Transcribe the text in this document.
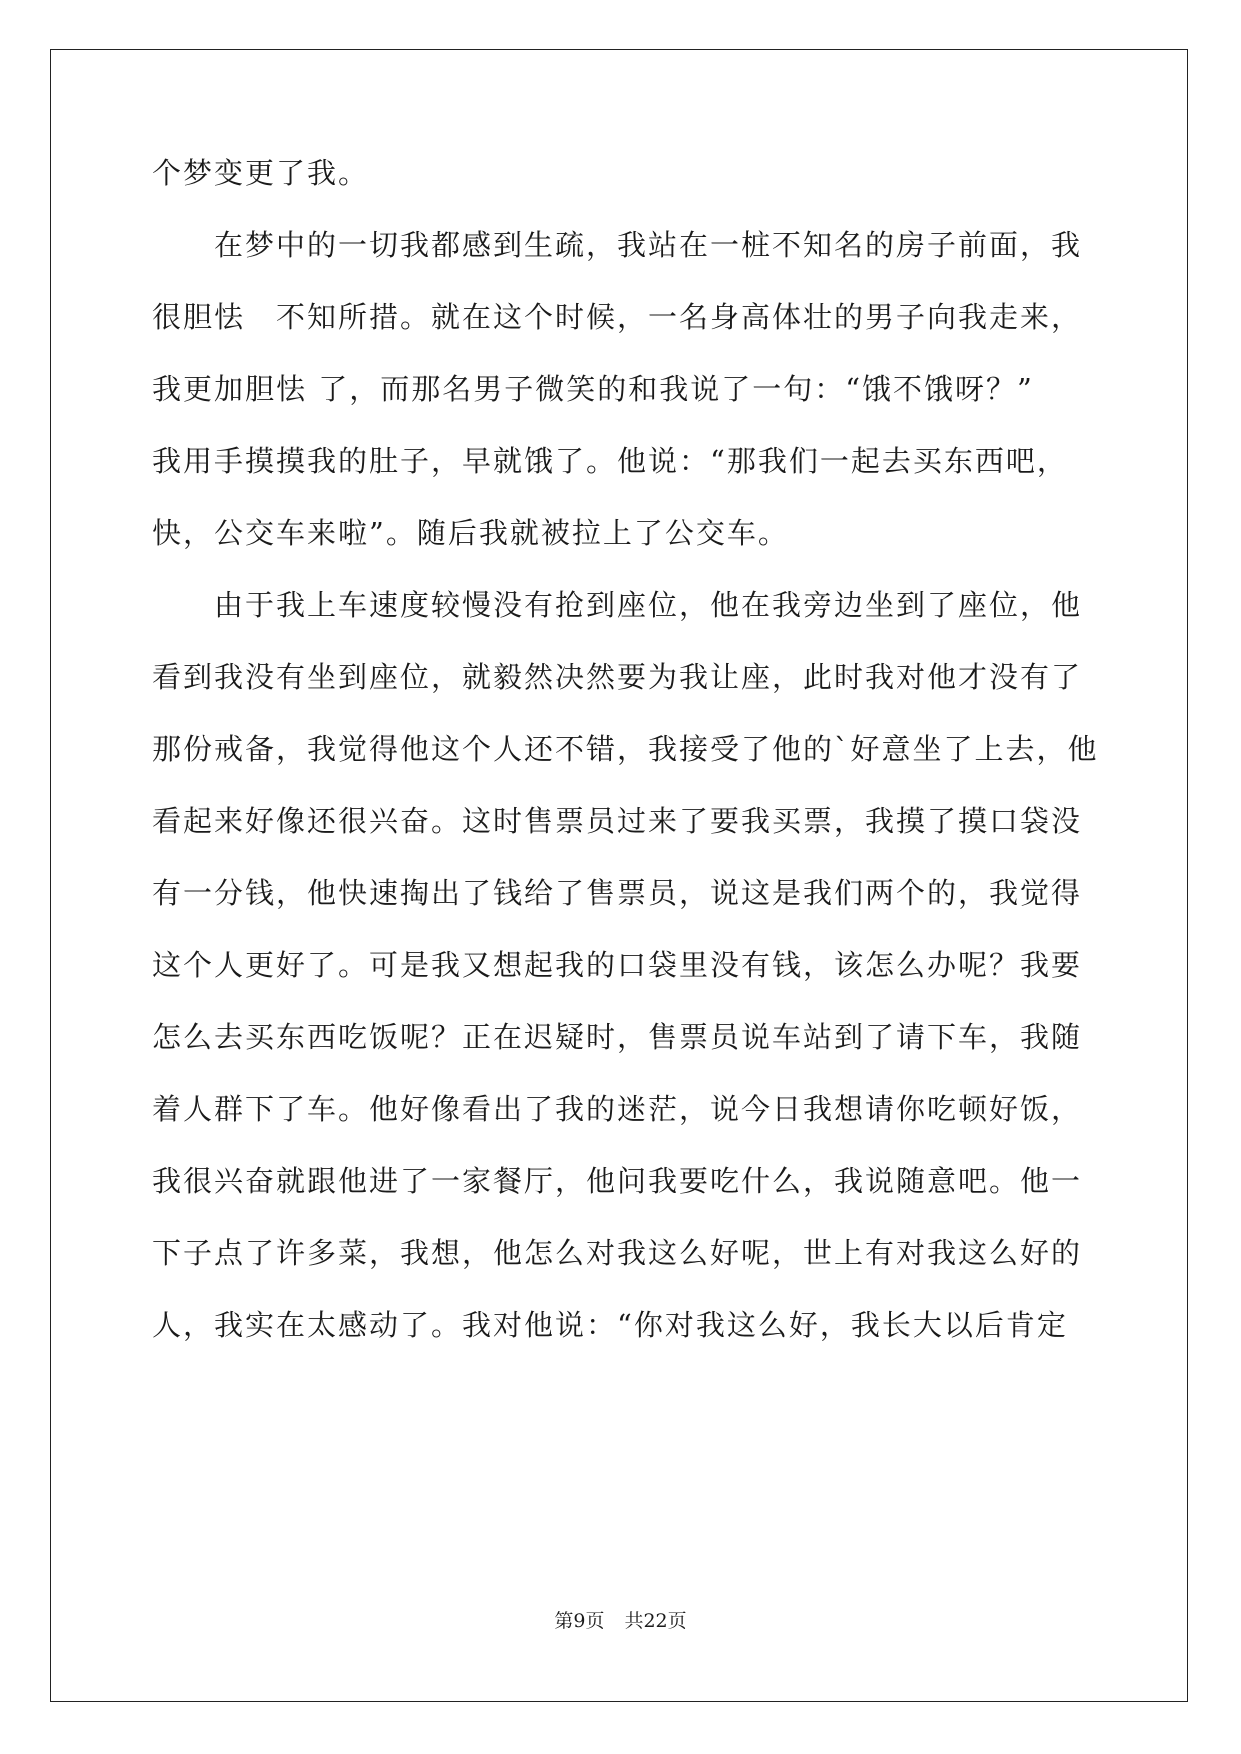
个梦变更了我。
　　在梦中的一切我都感到生疏，我站在一桩不知名的房子前面，我
很胆怯　不知所措。就在这个时候，一名身高体壮的男子向我走来，
我更加胆怯 了，而那名男子微笑的和我说了一句：“饿不饿呀？”
我用手摸摸我的肚子，早就饿了。他说：“那我们一起去买东西吧，
快，公交车来啦”。随后我就被拉上了公交车。
　　由于我上车速度较慢没有抢到座位，他在我旁边坐到了座位，他
看到我没有坐到座位，就毅然决然要为我让座，此时我对他才没有了
那份戒备，我觉得他这个人还不错，我接受了他的`好意坐了上去，他
看起来好像还很兴奋。这时售票员过来了要我买票，我摸了摸口袋没
有一分钱，他快速掏出了钱给了售票员，说这是我们两个的，我觉得
这个人更好了。可是我又想起我的口袋里没有钱，该怎么办呢？我要
怎么去买东西吃饭呢？正在迟疑时，售票员说车站到了请下车，我随
着人群下了车。他好像看出了我的迷茫，说今日我想请你吃顿好饭，
我很兴奋就跟他进了一家餐厅，他问我要吃什么，我说随意吧。他一
下子点了许多菜，我想，他怎么对我这么好呢，世上有对我这么好的
人，我实在太感动了。我对他说：“你对我这么好，我长大以后肯定
第9页 共22页
